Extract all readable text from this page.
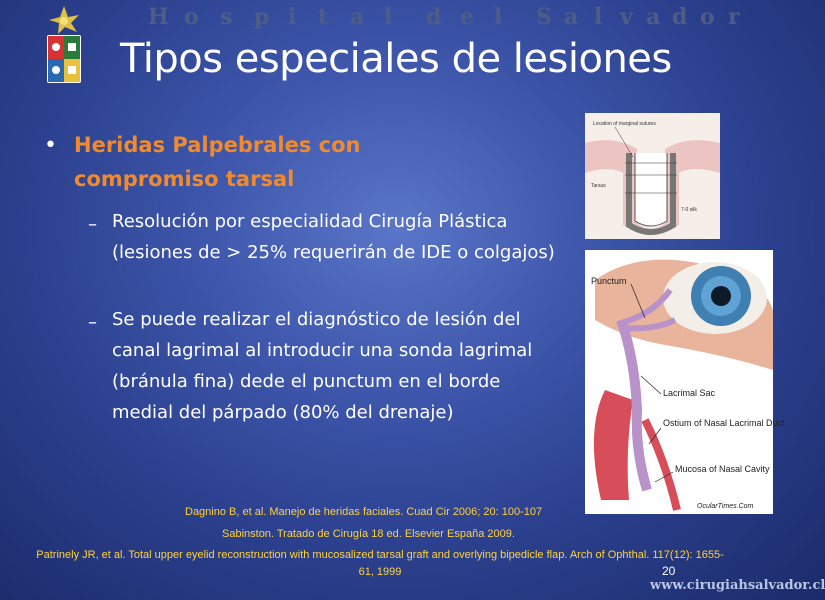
H o s p i t a l d e l S a l v a d o r
Tipos especiales de lesiones
• Heridas Palpebrales con compromiso tarsal
– Resolución por especialidad Cirugía Plástica (lesiones de > 25% requerirán de IDE o colgajos)
– Se puede realizar el diagnóstico de lesión del canal lagrimal al introducir una sonda lagrimal (bránula fina) dede el punctum en el borde medial del párpado (80% del drenaje)
Location of marginal sutures
Tarsus
7-0 silk
Punctum
Lacrimal Sac
Ostium of Nasal Lacrimal Duct
Mucosa of Nasal Cavity
OcularTimes.Com
Dagnino B, et al. Manejo de heridas faciales. Cuad Cir 2006; 20: 100-107
Sabinston. Tratado de Cirugía 18 ed. Elsevier España 2009.
Patrinely JR, et al. Total upper eyelid reconstruction with mucosalized tarsal graft and overlying bipedicle flap. Arch of Ophthal. 117(12): 1655-61, 1999	20
www.cirugiahsalvador.cl
